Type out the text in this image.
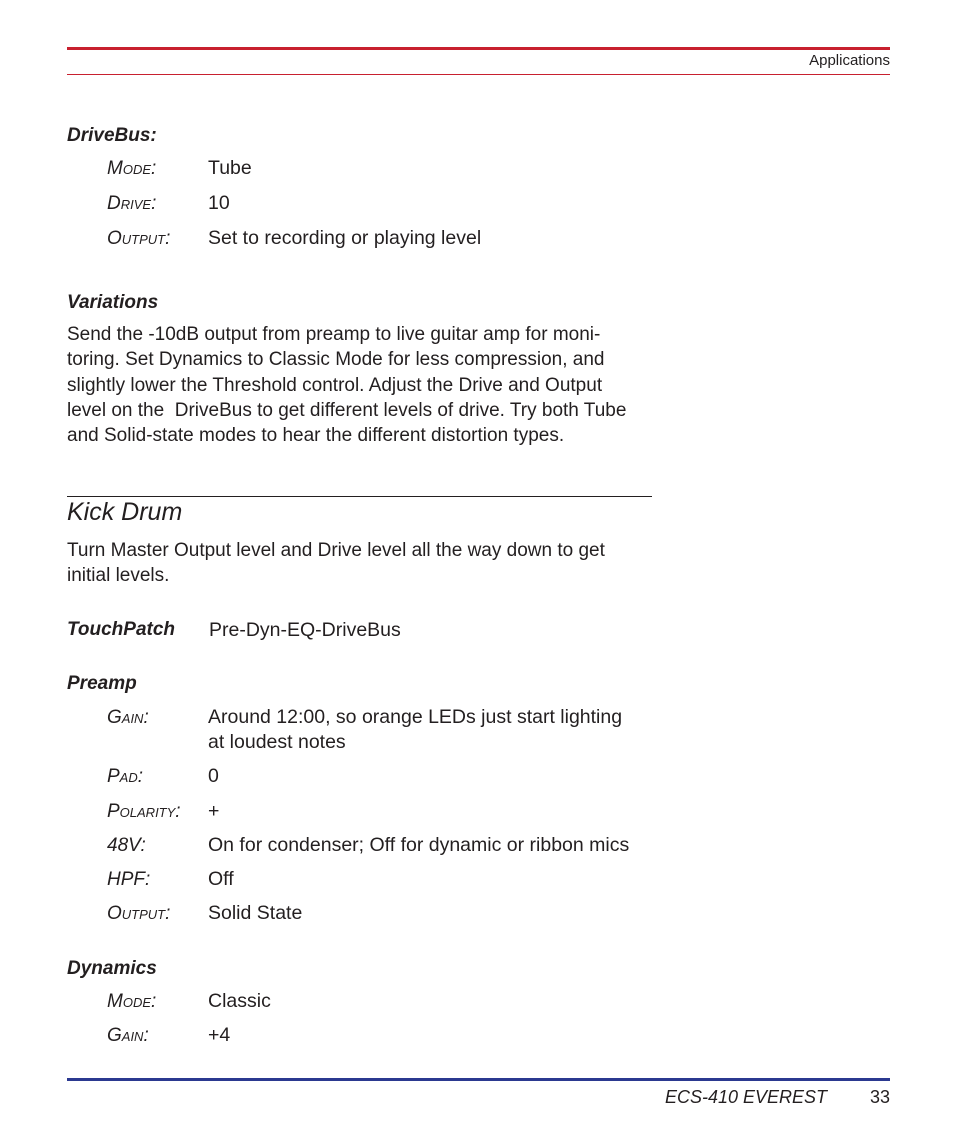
Applications
DriveBus:
Mode:	Tube
Drive:	10
Output: Set to recording or playing level
Variations
Send the -10dB output from preamp to live guitar amp for moni-
toring. Set Dynamics to Classic Mode for less compression, and
slightly lower the Threshold control. Adjust the Drive and Output
level on the  DriveBus to get different levels of drive. Try both Tube
and Solid-state modes to hear the different distortion types.
Kick Drum
Turn Master Output level and Drive level all the way down to get
initial levels.
TouchPatch Pre-Dyn-EQ-DriveBus
Preamp
Gain:	Around 12:00, so orange LEDs just start lighting
at loudest notes
Pad:	0
Polarity: +
48V:	On for condenser; Off for dynamic or ribbon mics
HPF:	Off
Output: Solid State
Dynamics
Mode:	Classic
Gain:	+4
ECS-410 EVEREST 33
